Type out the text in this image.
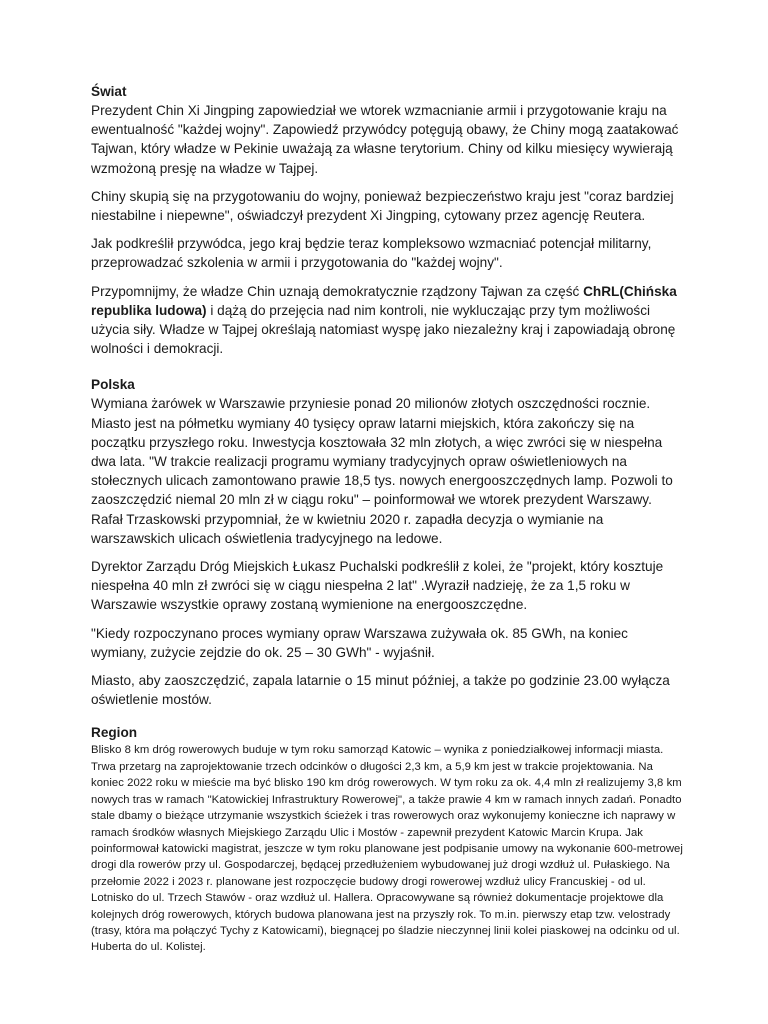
Świat

Prezydent Chin Xi Jingping zapowiedział we wtorek wzmacnianie armii i przygotowanie kraju na ewentualność "każdej wojny". Zapowiedź przywódcy potęgują obawy, że Chiny mogą zaatakować Tajwan, który władze w Pekinie uważają za własne terytorium. Chiny od kilku miesięcy wywierają wzmożoną presję na władze w Tajpej.

Chiny skupią się na przygotowaniu do wojny, ponieważ bezpieczeństwo kraju jest "coraz bardziej niestabilne i niepewne", oświadczył prezydent Xi Jingping, cytowany przez agencję Reutera.

Jak podkreślił przywódca, jego kraj będzie teraz kompleksowo wzmacniać potencjał militarny, przeprowadzać szkolenia w armii i przygotowania do "każdej wojny".

Przypomnijmy, że władze Chin uznają demokratycznie rządzony Tajwan za część ChRL(Chińska republika ludowa) i dążą do przejęcia nad nim kontroli, nie wykluczając przy tym możliwości użycia siły. Władze w Tajpej określają natomiast wyspę jako niezależny kraj i zapowiadają obronę wolności i demokracji.

Polska

Wymiana żarówek w Warszawie przyniesie ponad 20 milionów złotych oszczędności rocznie. Miasto jest na półmetku wymiany 40 tysięcy opraw latarni miejskich, która zakończy się na początku przyszłego roku. Inwestycja kosztowała 32 mln złotych, a więc zwróci się w niespełna dwa lata. "W trakcie realizacji programu wymiany tradycyjnych opraw oświetleniowych na stołecznych ulicach zamontowano prawie 18,5 tys. nowych energooszczędnych lamp. Pozwoli to zaoszczędzić niemal 20 mln zł w ciągu roku" – poinformował we wtorek prezydent Warszawy. Rafał Trzaskowski przypomniał, że w kwietniu 2020 r. zapadła decyzja o wymianie na warszawskich ulicach oświetlenia tradycyjnego na ledowe.

Dyrektor Zarządu Dróg Miejskich Łukasz Puchalski podkreślił z kolei, że "projekt, który kosztuje niespełna 40 mln zł zwróci się w ciągu niespełna 2 lat" .Wyraził nadzieję, że za 1,5 roku w Warszawie wszystkie oprawy zostaną wymienione na energooszczędne.

"Kiedy rozpoczynano proces wymiany opraw Warszawa zużywała ok. 85 GWh, na koniec wymiany, zużycie zejdzie do ok. 25 – 30 GWh" - wyjaśnił.

Miasto, aby zaoszczędzić, zapala latarnie o 15 minut później, a także po godzinie 23.00 wyłącza oświetlenie mostów.

Region

Blisko 8 km dróg rowerowych buduje w tym roku samorząd Katowic – wynika z poniedziałkowej informacji miasta. Trwa przetarg na zaprojektowanie trzech odcinków o długości 2,3 km, a 5,9 km jest w trakcie projektowania. Na koniec 2022 roku w mieście ma być blisko 190 km dróg rowerowych. W tym roku za ok. 4,4 mln zł realizujemy 3,8 km nowych tras w ramach "Katowickiej Infrastruktury Rowerowej", a także prawie 4 km w ramach innych zadań. Ponadto stale dbamy o bieżące utrzymanie wszystkich ścieżek i tras rowerowych oraz wykonujemy konieczne ich naprawy w ramach środków własnych Miejskiego Zarządu Ulic i Mostów - zapewnił prezydent Katowic Marcin Krupa. Jak poinformował katowicki magistrat, jeszcze w tym roku planowane jest podpisanie umowy na wykonanie 600-metrowej drogi dla rowerów przy ul. Gospodarczej, będącej przedłużeniem wybudowanej już drogi wzdłuż ul. Pułaskiego. Na przełomie 2022 i 2023 r. planowane jest rozpoczęcie budowy drogi rowerowej wzdłuż ulicy Francuskiej - od ul. Lotnisko do ul. Trzech Stawów - oraz wzdłuż ul. Hallera. Opracowywane są również dokumentacje projektowe dla kolejnych dróg rowerowych, których budowa planowana jest na przyszły rok. To m.in. pierwszy etap tzw. velostrady (trasy, która ma połączyć Tychy z Katowicami), biegnącej po śladzie nieczynnej linii kolei piaskowej na odcinku od ul. Huberta do ul. Kolistej.
